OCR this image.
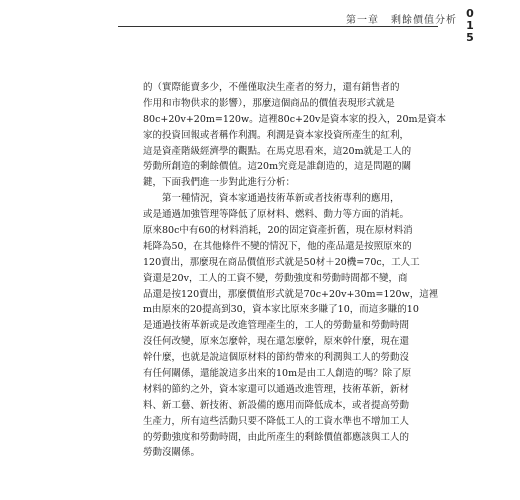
第一章 剩餘價值分析
015
的（實際能賣多少，不僅僅取決生產者的努力，還有銷售者的
作用和市物供求的影響），那麼這個商品的價值表現形式就是
80c+20v+20m=120w。這裡80c+20v是資本家的投入，20m是資本
家的投資回報或者稱作利潤。利潤是資本家投資所產生的紅利，
這是資產階級經濟學的觀點。在馬克思看來，這20m就是工人的
勞動所創造的剩餘價值。這20m究竟是誰創造的，這是問題的關
鍵，下面我們進一步對此進行分析：
　　第一種情況，資本家通過技術革新或者技術專利的應用，
或是通過加強管理等降低了原材料、燃料、動力等方面的消耗。
原來80c中有60的材料消耗，20的固定資產折舊，現在原材料消
耗降為50，在其他條件不變的情況下，他的產品還是按照原來的
120賣出，那麼現在商品價值形式就是50材＋20機=70c，工人工
資還是20v，工人的工資不變，勞動強度和勞動時間都不變，商
品還是按120賣出，那麼價值形式就是70c+20v+30m=120w，這裡
m由原來的20提高到30，資本家比原來多賺了10，而這多賺的10
是通過技術革新或是改進管理產生的，工人的勞動量和勞動時間
沒任何改變，原來怎麼幹，現在還怎麼幹，原來幹什麼，現在還
幹什麼，也就是說這個原材料的節約帶來的利潤與工人的勞動沒
有任何關係，還能說這多出來的10m是由工人創造的嗎？除了原
材料的節約之外，資本家還可以通過改進管理，技術革新，新材
料、新工藝、新技術、新設備的應用而降低成本，或者提高勞動
生產力，所有這些活動只要不降低工人的工資水準也不增加工人
的勞動強度和勞動時間，由此所產生的剩餘價值都應該與工人的
勞動沒關係。
